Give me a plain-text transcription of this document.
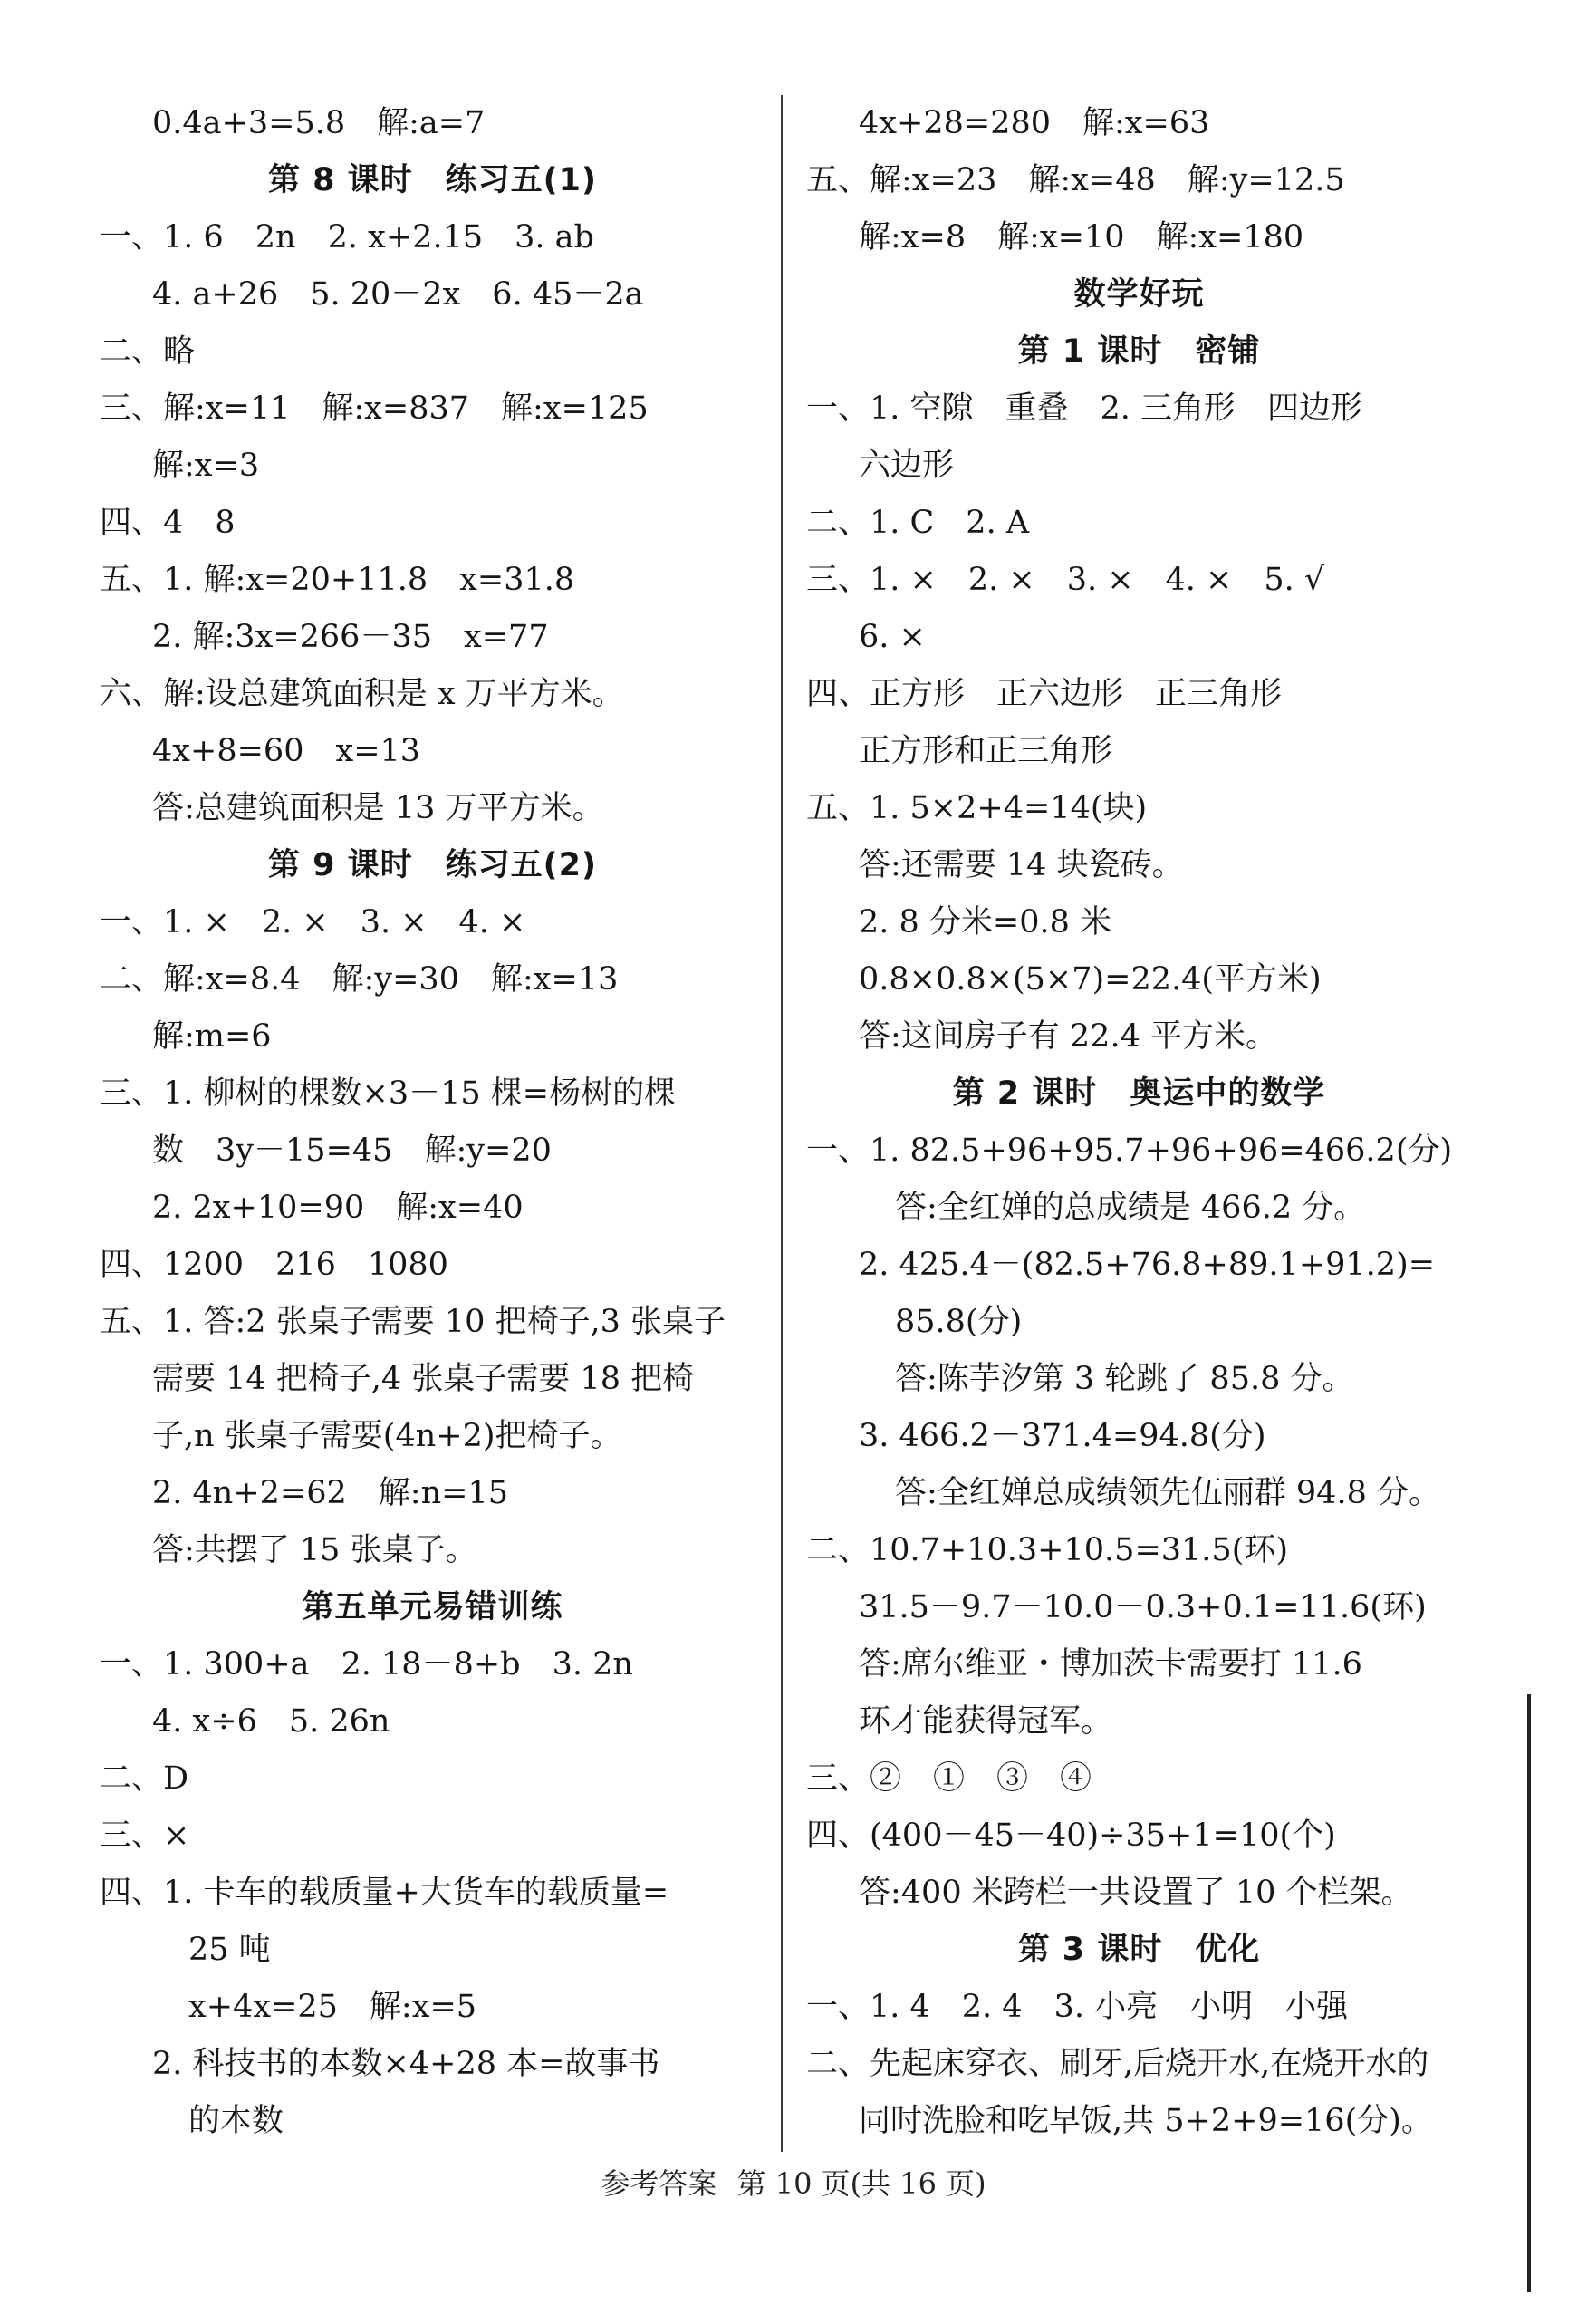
0.4a+3=5.8　解:a=7
第 8 课时　练习五(1)
一、1. 6　2n　2. x+2.15　3. ab
4. a+26　5. 20－2x　6. 45－2a
二、略
三、解:x=11　解:x=837　解:x=125
解:x=3
四、4　8
五、1. 解:x=20+11.8　x=31.8
2. 解:3x=266－35　x=77
六、解:设总建筑面积是 x 万平方米。
4x+8=60　x=13
答:总建筑面积是 13 万平方米。
第 9 课时　练习五(2)
一、1. ×　2. ×　3. ×　4. ×
二、解:x=8.4　解:y=30　解:x=13
解:m=6
三、1. 柳树的棵数×3－15 棵=杨树的棵
数　3y－15=45　解:y=20
2. 2x+10=90　解:x=40
四、1200　216　1080
五、1. 答:2 张桌子需要 10 把椅子,3 张桌子
需要 14 把椅子,4 张桌子需要 18 把椅
子,n 张桌子需要(4n+2)把椅子。
2. 4n+2=62　解:n=15
答:共摆了 15 张桌子。
第五单元易错训练
一、1. 300+a　2. 18－8+b　3. 2n
4. x÷6　5. 26n
二、D
三、×
四、1. 卡车的载质量+大货车的载质量=
25 吨
x+4x=25　解:x=5
2. 科技书的本数×4+28 本=故事书
的本数
4x+28=280　解:x=63
五、解:x=23　解:x=48　解:y=12.5
解:x=8　解:x=10　解:x=180
数学好玩
第 1 课时　密铺
一、1. 空隙　重叠　2. 三角形　四边形
六边形
二、1. C　2. A
三、1. ×　2. ×　3. ×　4. ×　5. √
6. ×
四、正方形　正六边形　正三角形
正方形和正三角形
五、1. 5×2+4=14(块)
答:还需要 14 块瓷砖。
2. 8 分米=0.8 米
0.8×0.8×(5×7)=22.4(平方米)
答:这间房子有 22.4 平方米。
第 2 课时　奥运中的数学
一、1. 82.5+96+95.7+96+96=466.2(分)
答:全红婵的总成绩是 466.2 分。
2. 425.4－(82.5+76.8+89.1+91.2)=
85.8(分)
答:陈芋汐第 3 轮跳了 85.8 分。
3. 466.2－371.4=94.8(分)
答:全红婵总成绩领先伍丽群 94.8 分。
二、10.7+10.3+10.5=31.5(环)
31.5－9.7－10.0－0.3+0.1=11.6(环)
答:席尔维亚・博加茨卡需要打 11.6
环才能获得冠军。
三、②　①　③　④
四、(400－45－40)÷35+1=10(个)
答:400 米跨栏一共设置了 10 个栏架。
第 3 课时　优化
一、1. 4　2. 4　3. 小亮　小明　小强
二、先起床穿衣、刷牙,后烧开水,在烧开水的
同时洗脸和吃早饭,共 5+2+9=16(分)。
参考答案 第 10 页(共 16 页)
